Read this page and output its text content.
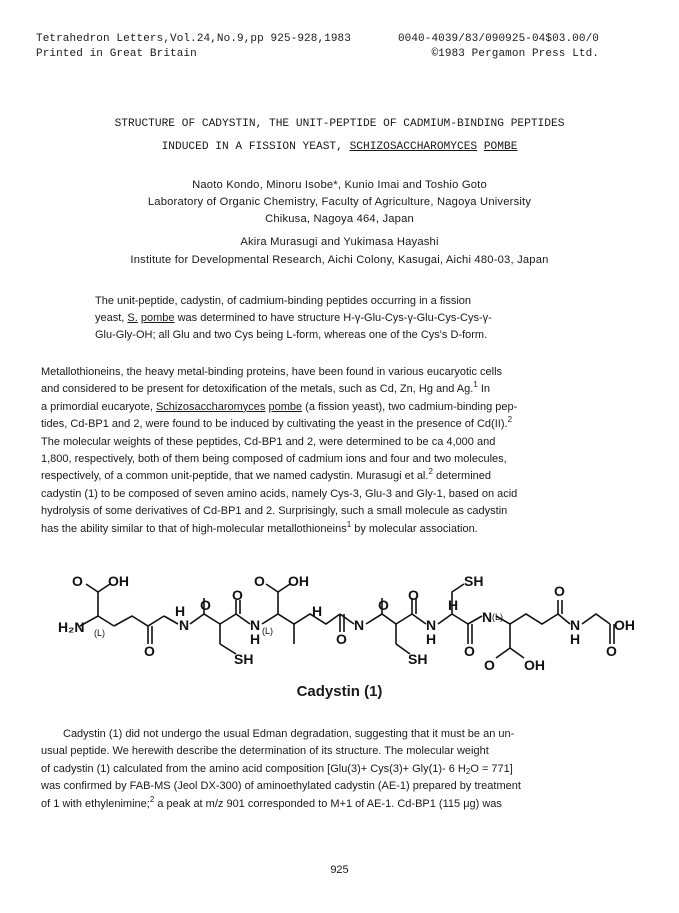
Tetrahedron Letters,Vol.24,No.9,pp 925-928,1983	0040-4039/83/090925-04$03.00/0
Printed in Great Britain	©1983 Pergamon Press Ltd.
STRUCTURE OF CADYSTIN, THE UNIT-PEPTIDE OF CADMIUM-BINDING PEPTIDES
INDUCED IN A FISSION YEAST, SCHIZOSACCHAROMYCES POMBE
Naoto Kondo, Minoru Isobe*, Kunio Imai and Toshio Goto
Laboratory of Organic Chemistry, Faculty of Agriculture, Nagoya University
Chikusa, Nagoya 464, Japan
Akira Murasugi and Yukimasa Hayashi
Institute for Developmental Research, Aichi Colony, Kasugai, Aichi 480-03, Japan
The unit-peptide, cadystin, of cadmium-binding peptides occurring in a fission
yeast, S. pombe was determined to have structure H-γ-Glu-Cys-γ-Glu-Cys-Cys-γ-
Glu-Gly-OH; all Glu and two Cys being L-form, whereas one of the Cys's D-form.
Metallothioneins, the heavy metal-binding proteins, have been found in various eucaryotic cells
and considered to be present for detoxification of the metals, such as Cd, Zn, Hg and Ag.$^1$ In
a primordial eucaryote, Schizosaccharomyces pombe (a fission yeast), two cadmium-binding pep-
tides, Cd-BP1 and 2, were found to be induced by cultivating the yeast in the presence of Cd(II).$^2$
The molecular weights of these peptides, Cd-BP1 and 2, were determined to be ca 4,000 and
1,800, respectively, both of them being composed of cadmium ions and four and two molecules,
respectively, of a common unit-peptide, that we named cadystin. Murasugi et al.$^2$ determined
cadystin (1) to be composed of seven amino acids, namely Cys-3, Glu-3 and Gly-1, based on acid
hydrolysis of some derivatives of Cd-BP1 and 2. Surprisingly, such a small molecule as cadystin
has the ability similar to that of high-molecular metallothioneins$^1$ by molecular association.
O OH
H₂N (L)
O
H
N
O
SH
O
N
H (L)
O OH
O
H
N
O
SH
O
N
H
SH
O
H
N (L)
O OH
O
N
H
O
OH
Cadystin (1)
Cadystin (1) did not undergo the usual Edman degradation, suggesting that it must be an un-
usual peptide. We herewith describe the determination of its structure. The molecular weight
of cadystin (1) calculated from the amino acid composition [Glu(3)+ Cys(3)+ Gly(1)- 6 $H_2O = 771$]
was confirmed by FAB-MS (Jeol DX-300) of aminoethylated cadystin (AE-1) prepared by treatment
of 1 with ethylenimine;$^2$ a peak at m/z 901 corresponded to M+1 of AE-1. Cd-BP1 (115 μg) was
925
